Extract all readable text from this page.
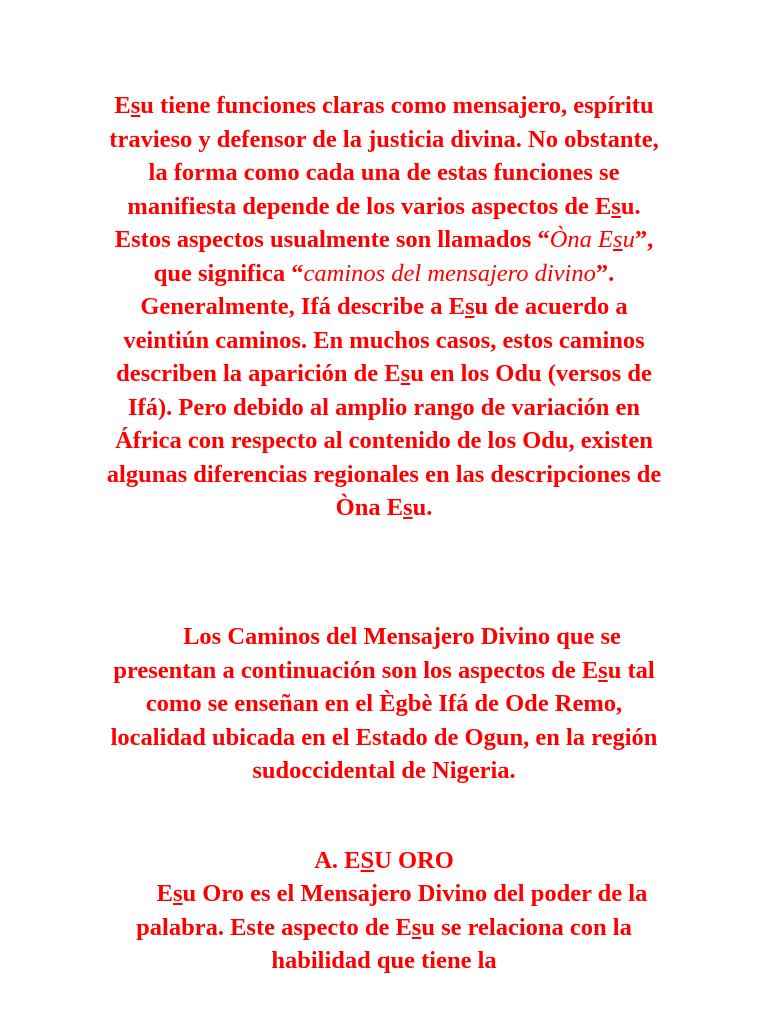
Esu tiene funciones claras como mensajero, espíritu travieso y defensor de la justicia divina. No obstante, la forma como cada una de estas funciones se manifiesta depende de los varios aspectos de Esu. Estos aspectos usualmente son llamados “Òna Esu”, que significa “caminos del mensajero divino”. Generalmente, Ifá describe a Esu de acuerdo a veintiún caminos. En muchos casos, estos caminos describen la aparición de Esu en los Odu (versos de Ifá). Pero debido al amplio rango de variación en África con respecto al contenido de los Odu, existen algunas diferencias regionales en las descripciones de Òna Esu.

Los Caminos del Mensajero Divino que se presentan a continuación son los aspectos de Esu tal como se enseñan en el Ègbè Ifá de Ode Remo, localidad ubicada en el Estado de Ogun, en la región sudoccidental de Nigeria.

A. ESU ORO

Esu Oro es el Mensajero Divino del poder de la palabra. Este aspecto de Esu se relaciona con la habilidad que tiene la
